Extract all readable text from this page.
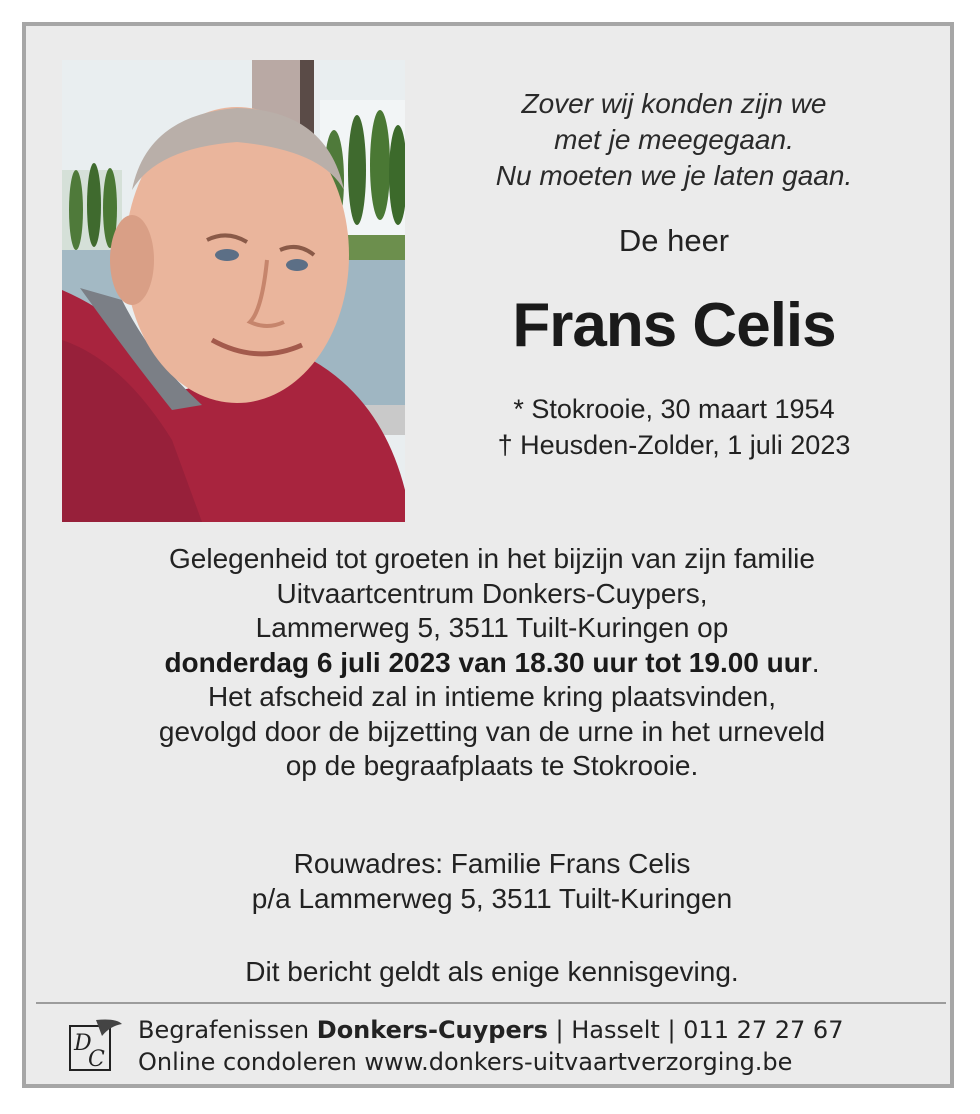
Zover wij konden zijn we
met je meegegaan.
Nu moeten we je laten gaan.
De heer
Frans Celis
* Stokrooie, 30 maart 1954
† Heusden-Zolder, 1 juli 2023
Gelegenheid tot groeten in het bijzijn van zijn familie
Uitvaartcentrum Donkers-Cuypers,
Lammerweg 5, 3511 Tuilt-Kuringen op
donderdag 6 juli 2023 van 18.30 uur tot 19.00 uur.
Het afscheid zal in intieme kring plaatsvinden,
gevolgd door de bijzetting van de urne in het urneveld
op de begraafplaats te Stokrooie.
Rouwadres: Familie Frans Celis
p/a Lammerweg 5, 3511 Tuilt-Kuringen
Dit bericht geldt als enige kennisgeving.
D
C
Begrafenissen Donkers-Cuypers | Hasselt | 011 27 27 67
Online condoleren www.donkers-uitvaartverzorging.be
